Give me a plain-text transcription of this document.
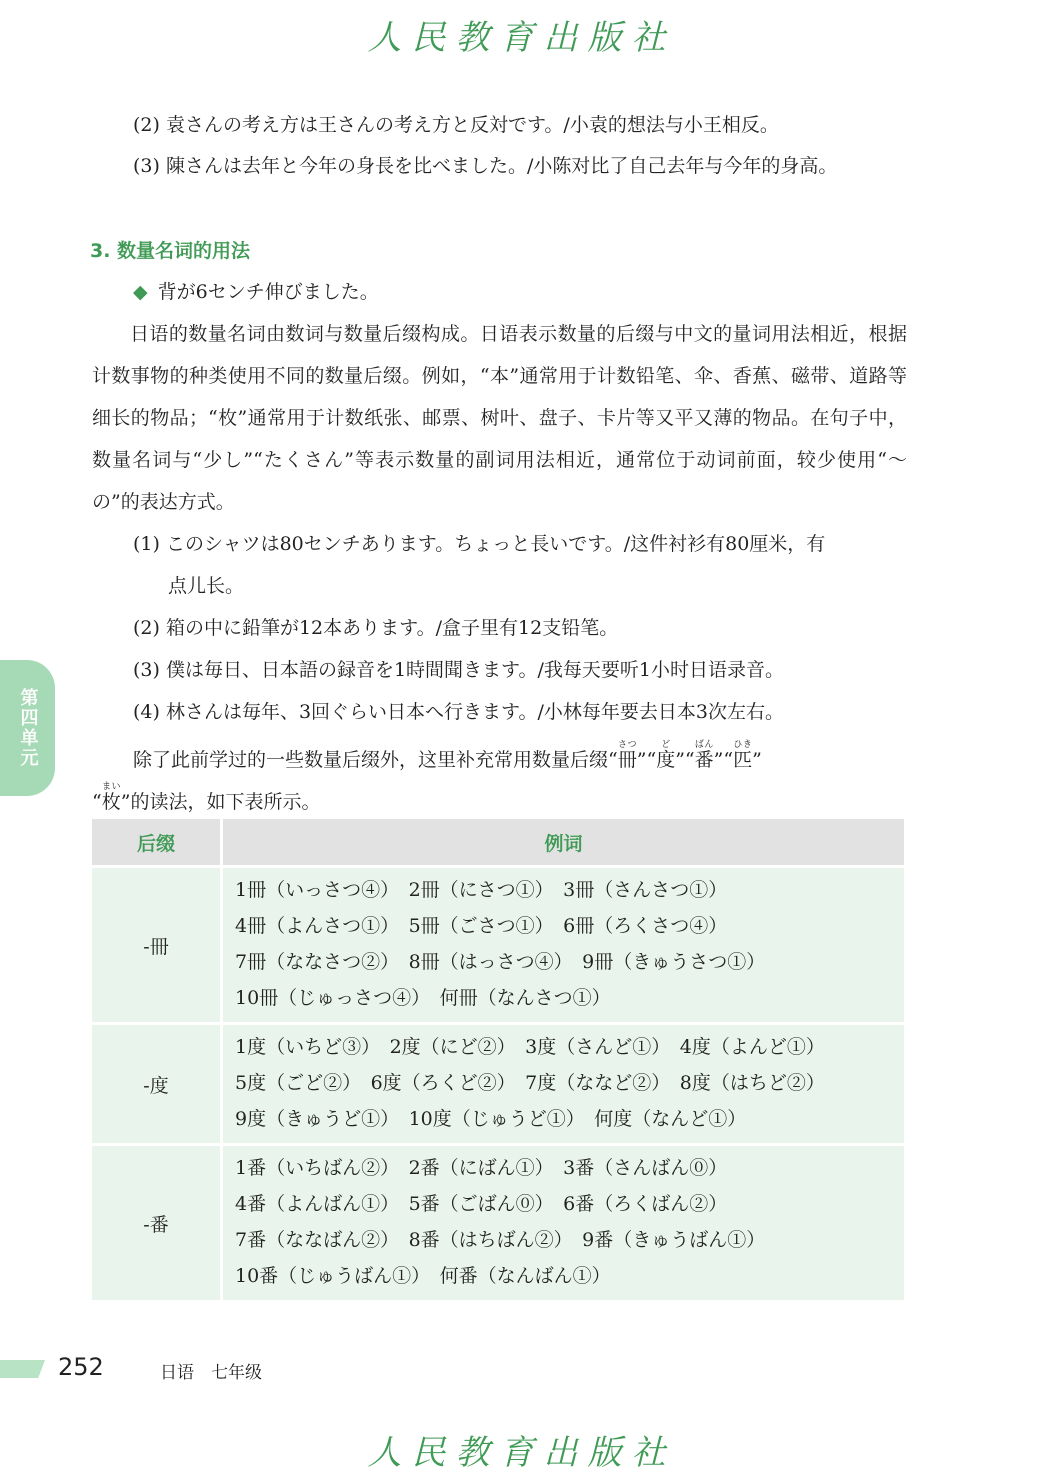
人民教育出版社
(2) 袁さんの考え方は王さんの考え方と反対です。/小袁的想法与小王相反。
(3) 陳さんは去年と今年の身長を比べました。/小陈对比了自己去年与今年的身高。
3. 数量名词的用法
◆ 背が6センチ伸びました。
日语的数量名词由数词与数量后缀构成。日语表示数量的后缀与中文的量词用法相近，根据计数事物的种类使用不同的数量后缀。例如，“本”通常用于计数铅笔、伞、香蕉、磁带、道路等细长的物品；“枚”通常用于计数纸张、邮票、树叶、盘子、卡片等又平又薄的物品。在句子中，数量名词与“少し”“たくさん”等表示数量的副词用法相近，通常位于动词前面，较少使用“～の”的表达方式。
(1) このシャツは80センチあります。ちょっと長いです。/这件衬衫有80厘米，有
点儿长。
(2) 箱の中に鉛筆が12本あります。/盒子里有12支铅笔。
(3) 僕は毎日、日本語の録音を1時間聞きます。/我每天要听1小时日语录音。
(4) 林さんは毎年、3回ぐらい日本へ行きます。/小林每年要去日本3次左右。
除了此前学过的一些数量后缀外，这里补充常用数量后缀“冊さつ”“度ど”“番ばん”“匹ひき”
“枚まい”的读法，如下表所示。
第四单元
后缀	例词
-冊	1冊（いっさつ④）　2冊（にさつ①）　3冊（さんさつ①）
4冊（よんさつ①）　5冊（ごさつ①）　6冊（ろくさつ④）
7冊（ななさつ②）　8冊（はっさつ④）　9冊（きゅうさつ①）
10冊（じゅっさつ④）　何冊（なんさつ①）

-度	1度（いちど③）　2度（にど②）　3度（さんど①）　4度（よんど①）
5度（ごど②）　6度（ろくど②）　7度（ななど②）　8度（はちど②）
9度（きゅうど①）　10度（じゅうど①）　何度（なんど①）

-番	1番（いちばん②）　2番（にばん①）　3番（さんばん⓪）
4番（よんばん①）　5番（ごばん⓪）　6番（ろくばん②）
7番（ななばん②）　8番（はちばん②）　9番（きゅうばん①）
10番（じゅうばん①）　何番（なんばん①）
252	日语　七年级
人民教育出版社
